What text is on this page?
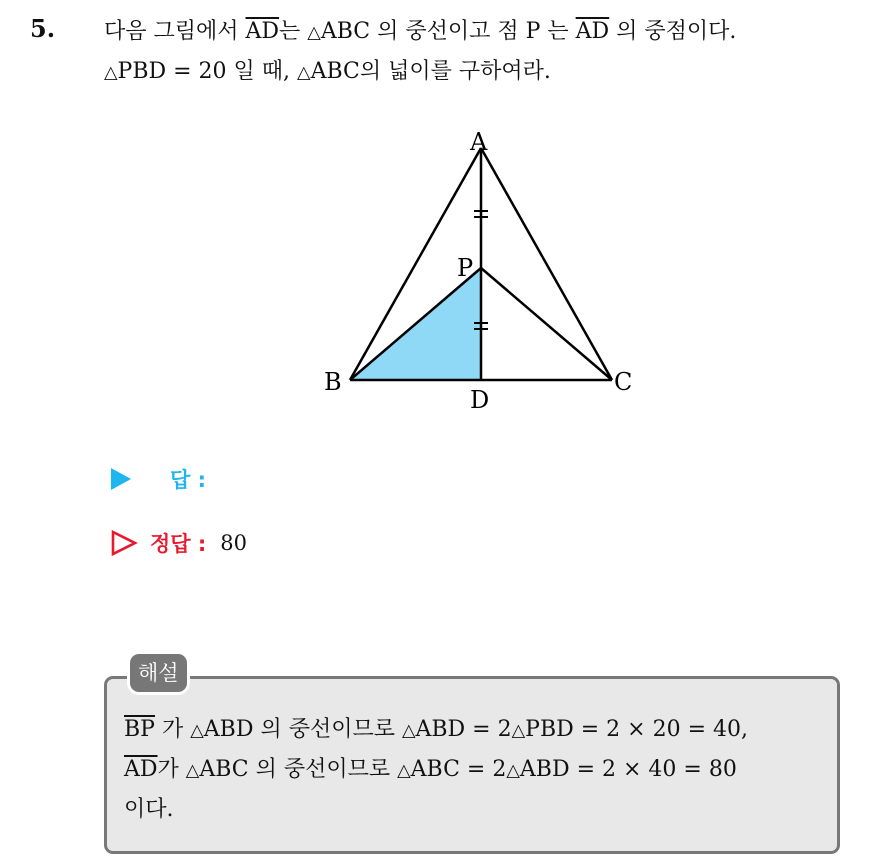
5. 다음 그림에서 $\overline{AD}$는 △ABC 의 중선이고 점 P 는 $\overline{AD}$ 의 중점이다.
△PBD = 20 일 때, △ABC의 넓이를 구하여라.
A
P
B	C
D
답 :
정답 : 80
해설
$\overline{BP}$ 가 △ABD 의 중선이므로 △ABD = 2△PBD = 2 × 20 = 40,
$\overline{AD}$가 △ABC 의 중선이므로 △ABC = 2△ABD = 2 × 40 = 80
이다.
